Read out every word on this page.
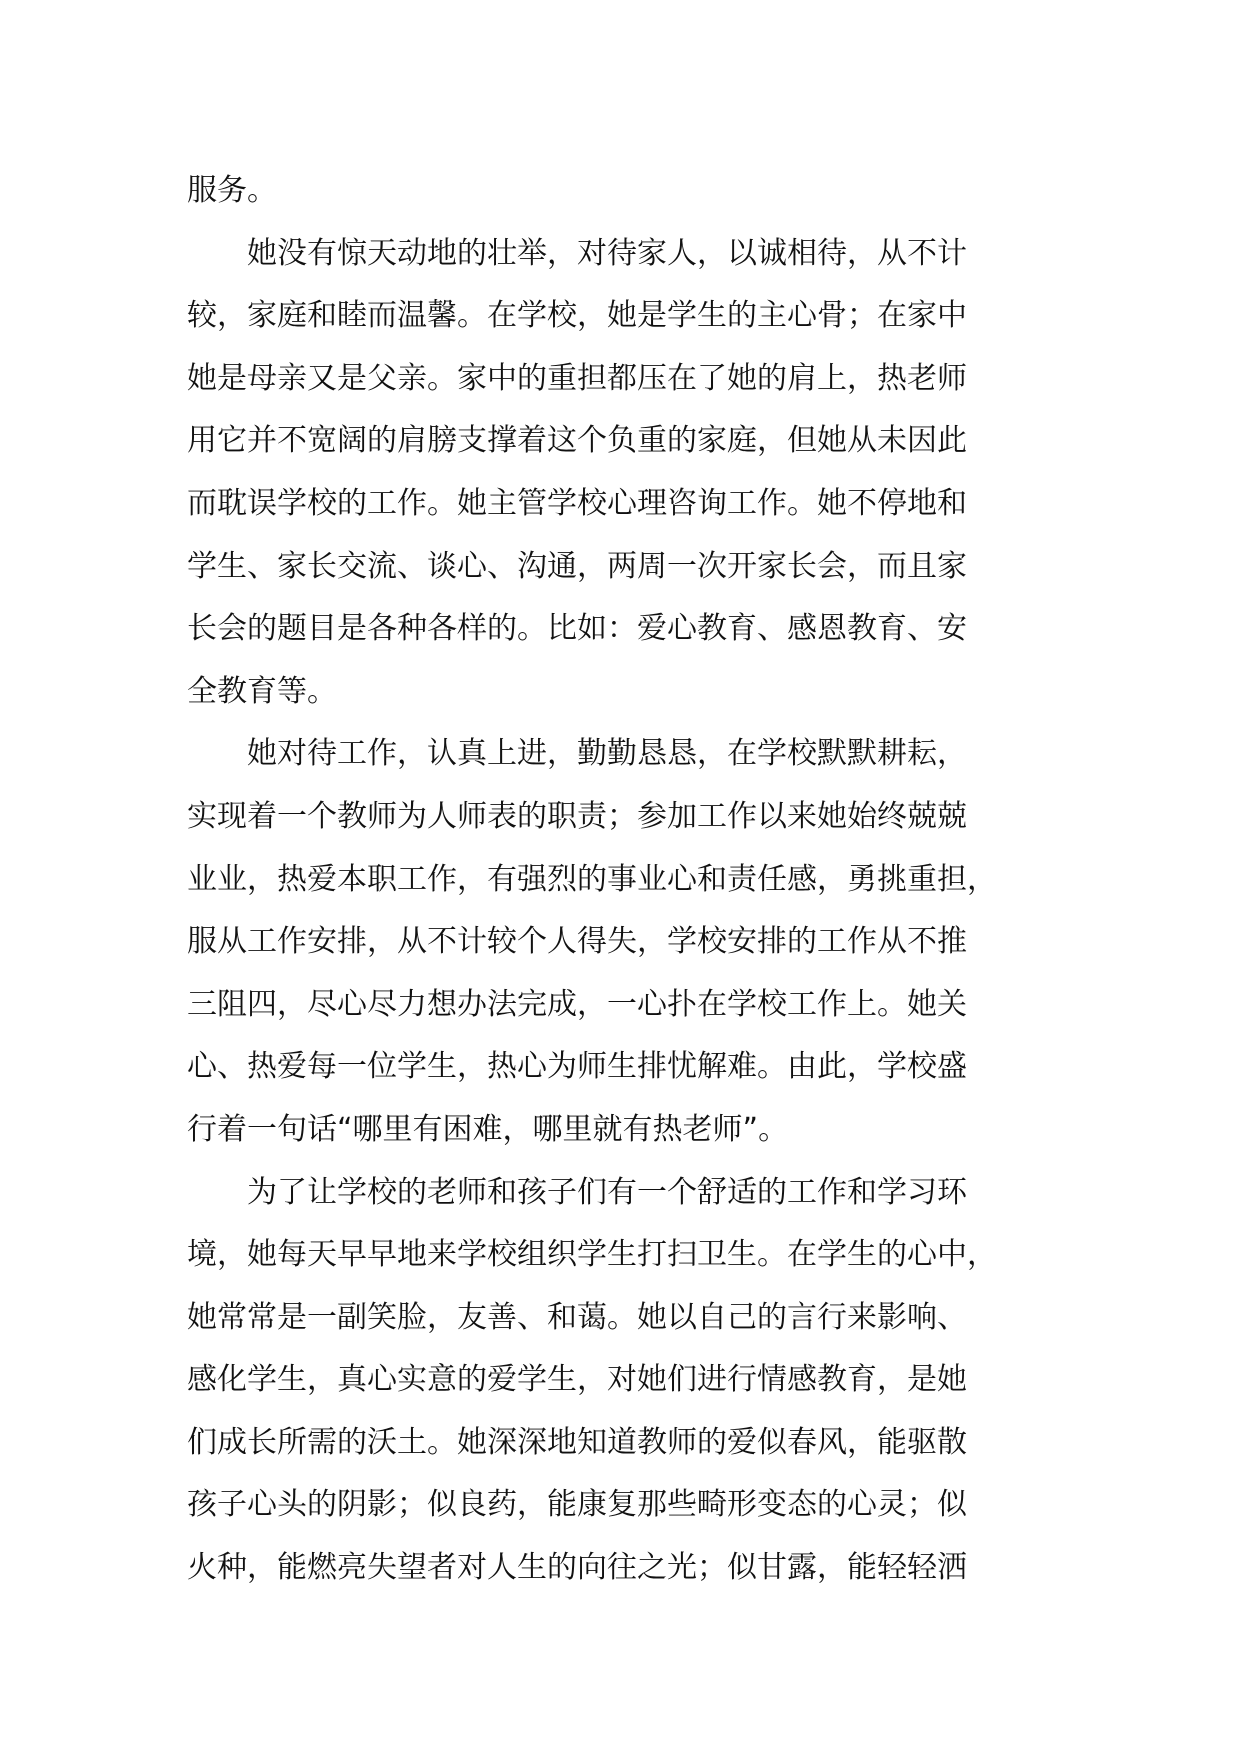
服务。
她没有惊天动地的壮举，对待家人，以诚相待，从不计
较，家庭和睦而温馨。在学校，她是学生的主心骨；在家中
她是母亲又是父亲。家中的重担都压在了她的肩上，热老师
用它并不宽阔的肩膀支撑着这个负重的家庭，但她从未因此
而耽误学校的工作。她主管学校心理咨询工作。她不停地和
学生、家长交流、谈心、沟通，两周一次开家长会，而且家
长会的题目是各种各样的。比如：爱心教育、感恩教育、安
全教育等。
她对待工作，认真上进，勤勤恳恳，在学校默默耕耘，
实现着一个教师为人师表的职责；参加工作以来她始终兢兢
业业，热爱本职工作，有强烈的事业心和责任感，勇挑重担，
服从工作安排，从不计较个人得失，学校安排的工作从不推
三阻四，尽心尽力想办法完成，一心扑在学校工作上。她关
心、热爱每一位学生，热心为师生排忧解难。由此，学校盛
行着一句话“哪里有困难，哪里就有热老师”。
为了让学校的老师和孩子们有一个舒适的工作和学习环
境，她每天早早地来学校组织学生打扫卫生。在学生的心中，
她常常是一副笑脸，友善、和蔼。她以自己的言行来影响、
感化学生，真心实意的爱学生，对她们进行情感教育，是她
们成长所需的沃土。她深深地知道教师的爱似春风，能驱散
孩子心头的阴影；似良药，能康复那些畸形变态的心灵；似
火种，能燃亮失望者对人生的向往之光；似甘露，能轻轻洒
